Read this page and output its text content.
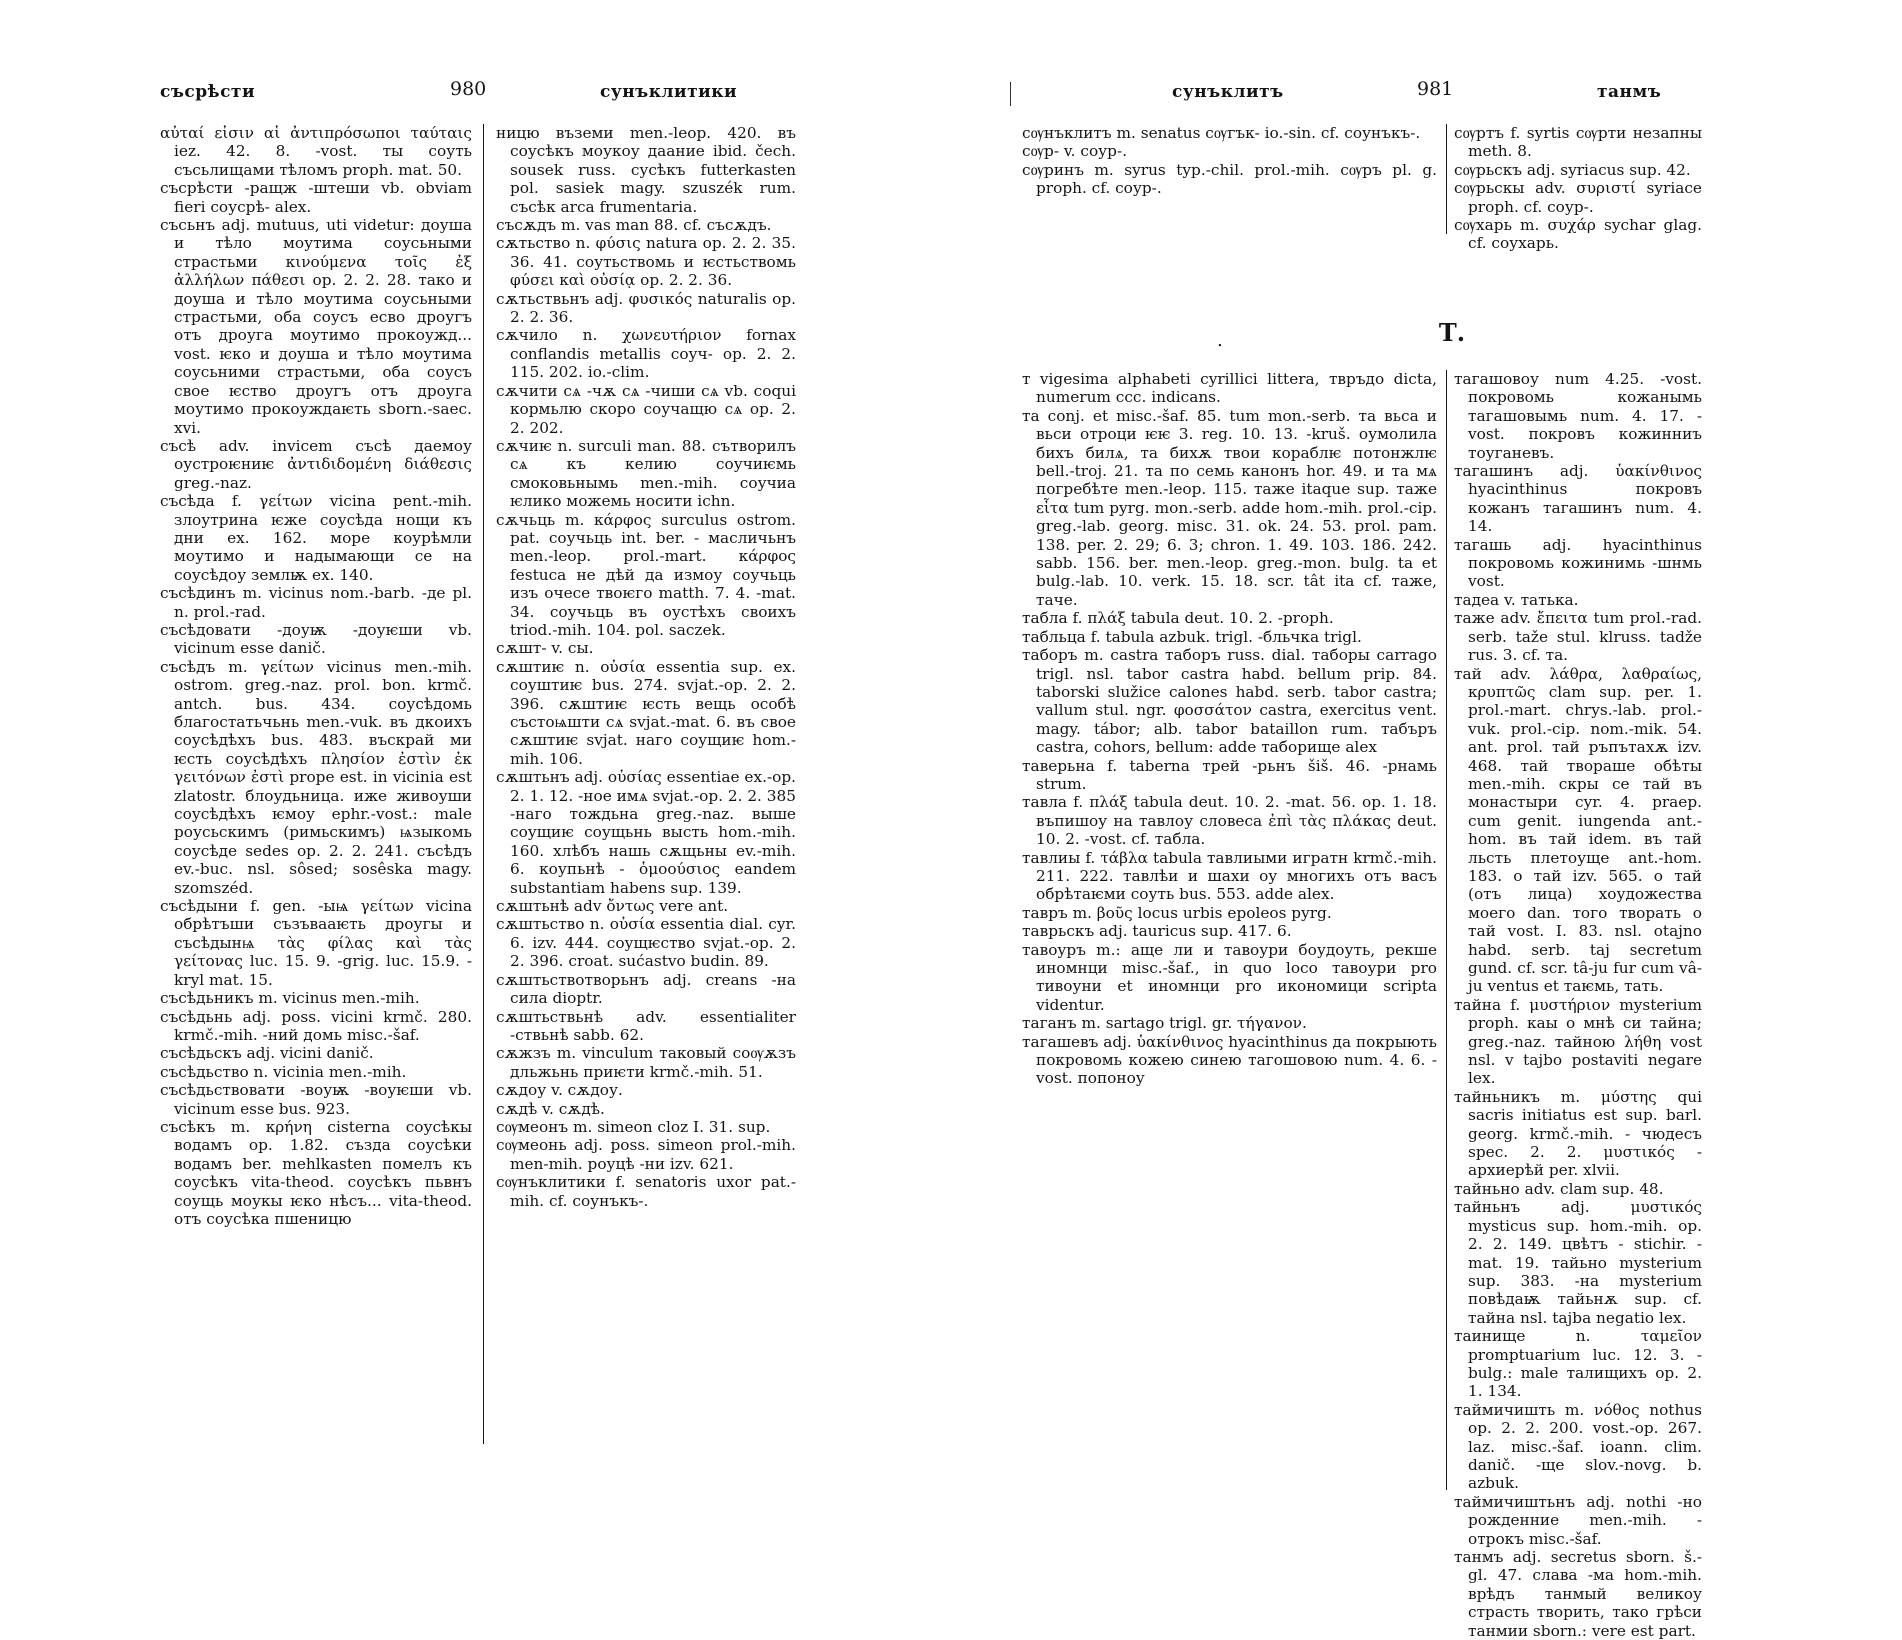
съсрѣсти	980	сунъклитики
αὐταί εἰσιν αἱ ἀντιπρόσωποι ταύταις iez. 42. 8. -vost. ты соуть съсьлищами тѣломъ proph. mat. 50.
съсрѣсти -ращж -штеши vb. obviam fieri соусрѣ- alex.
съсьнъ adj. mutuus, uti videtur: доуша и тѣло моутима соусьными страстьми κινούμενα τοῖς ἐξ ἀλλήλων πάθεσι op. 2. 2. 28. тако и доуша и тѣло моутима соусьными страстьми, оба соусъ есво дроугъ отъ дроуга моутимо прокоужд... vost. ѥко и доуша и тѣло моутима соусьними страстьми, оба соусъ свое ѥство дроугъ отъ дроуга моутимо прокоуждаѥть sborn.-saec. xvi.
съсѣ adv. invicem съсѣ даемоу оустроѥниѥ ἀντιδιδομένη διάθεσις greg.-naz.
съсѣда f. γείτων vicina pent.-mih. злоутрина ѥже соусѣда нощи къ дни ex. 162. море коурѣмли моутимо и надымающи се на соусѣдоу землѭ ex. 140.
съсѣдинъ m. vicinus nom.-barb. -де pl. n. prol.-rad.
съсѣдовати -доуѭ -доуѥши vb. vicinum esse danič.
съсѣдъ m. γείτων vicinus men.-mih. ostrom. greg.-naz. prol. bon. krmč. antch. bus. 434. соусѣдомь благостатьчьнь men.-vuk. въ дкоихъ соусѣдѣхъ bus. 483. въскрай ми ѥсть соусѣдѣхъ πλησίον ἐστὶν ἐκ γειτόνων ἐστὶ prope est. in vicinia est zlatostr. блоудьница. иже живоуши соусѣдѣхъ ѥмоу ephr.-vost.: male роусьскимъ (римьскимъ) ѩзыкомь соусѣде sedes op. 2. 2. 241. съсѣдъ ev.-buc. nsl. sôsed; sosêska magy. szomszéd.
съсѣдыни f. gen. -ыѩ γείτων vicina обрѣтъши съзъвааѥть дроугы и съсѣдынѩ τὰς φίλας καὶ τὰς γείτονας luc. 15. 9. -grig. luc. 15.9. -kryl mat. 15.
съсѣдьникъ m. vicinus men.-mih.
съсѣдьнь adj. poss. vicini krmč. 280. krmč.-mih. -ний домь misc.-šaf.
съсѣдьскъ adj. vicini danič.
съсѣдьство n. vicinia men.-mih.
съсѣдьствовати -воуѭ -воуѥши vb. vicinum esse bus. 923.
съсѣкъ m. κρήνη cisterna соусѣкы водамъ op. 1.82. създа соусѣки водамъ ber. mehlkasten помелъ къ соусѣкъ vita-theod. соусѣкъ пьвнъ соущь моукы ѥко нѣсъ... vita-theod. отъ соусѣка пшеницю
ницю въземи men.-leop. 420. въ соусѣкъ моукоу даание ibid. čech. sousek russ. сусѣкъ futterkasten pol. sasiek magy. szuszék rum. cъcѣк arca frumentaria.
съсѫдъ m. vas man 88. cf. съсѫдъ.
сѫтьство n. φύσις natura op. 2. 2. 35. 36. 41. соутьствомь и ѥстьствомь φύσει καὶ οὐσίᾳ op. 2. 2. 36.
сѫтьствьнъ adj. φυσικός naturalis op. 2. 2. 36.
сѫчило n. χωνευτήριον fornax conflandis metallis соуч- op. 2. 2. 115. 202. io.-clim.
сѫчити сѧ -чѫ сѧ -чиши сѧ vb. coqui кормьлю скоро соучащю сѧ op. 2. 2. 202.
сѫчиѥ n. surculi man. 88. сътворилъ сѧ къ келию соучиѥмь смоковьнымь men.-mih. соучиа ѥлико можемь носити ichn.
сѫчьць m. κάρφος surculus ostrom. pat. соучьць int. ber. - масличьнъ men.-leop. prol.-mart. κάρφος festuca не дѣй да измоу соучьць изъ очесе твоѥго matth. 7. 4. -mat. 34. соучьць въ оустѣхъ своихъ triod.-mih. 104. pol. saczek.
сѫшт- v. сы.
сѫштиѥ n. οὐσία essentia sup. ex. соуштиѥ bus. 274. svjat.-op. 2. 2. 396. сѫштиѥ ѥсть вещь особѣ състоѩшти сѧ svjat.-mat. 6. въ свое сѫштиѥ svjat. наго соущиѥ hom.-mih. 106.
сѫштьнъ adj. οὐσίας essentiae ex.-op. 2. 1. 12. -ное имѧ svjat.-op. 2. 2. 385 -наго тождьна greg.-naz. выше соущиѥ соущьнь высть hom.-mih. 160. хлѣбъ нашь сѫщьны ev.-mih. 6. коупьнѣ - ὁμοούσιος eandem substantiam habens sup. 139.
сѫштьнѣ adv ὄντως vere ant.
сѫштьство n. οὐσία essentia dial. cyr. 6. izv. 444. соущѥство svjat.-op. 2. 2. 396. croat. sućastvo budin. 89.
сѫштьствотворьнъ adj. creans -на сила dioptr.
сѫштьствьнѣ adv. essentialiter -ствьнѣ sabb. 62.
сѫжзъ m. vinculum таковый соѹѫзъ дльжьнь приѥти krmč.-mih. 51.
сѫдоу v. сѫдоу.
сѫдѣ v. сѫдѣ.
сѹмеонъ m. simeon cloz I. 31. sup.
сѹмеонь adj. poss. simeon prol.-mih. men-mih. роуцѣ -ни izv. 621.
сѹнъклитики f. senatoris uxor pat.-mih. cf. соунъкъ-.
сунъклитъ	981	танмъ
сѹнъклитъ m. senatus сѹгък- io.-sin. cf. соунъкъ-.
сѹр- v. соур-.
сѹринъ m. syrus typ.-chil. prol.-mih. сѹръ pl. g. proph. cf. соур-.
сѹртъ f. syrtis сѹрти незапны meth. 8.
сѹрьскъ adj. syriacus sup. 42.
сѹрьскы adv. συριστί syriace proph. cf. соур-.
сѹхарь m. συχάρ sychar glag. cf. соухарь.
Т.
.
т vigesima alphabeti cyrillici littera, твръдо dicta, numerum ccc. indicans.
та conj. et misc.-šaf. 85. tum mon.-serb. та вьса и вьси отроци ѥѥ 3. reg. 10. 13. -kruš. оумолила бихъ билѧ, та бихѫ твои кораблѥ потонжлѥ bell.-troj. 21. та по семь канонъ hor. 49. и та мѧ погребѣте men.-leop. 115. таже itaque sup. таже εἶτα tum pyrg. mon.-serb. adde hom.-mih. prol.-cip. greg.-lab. georg. misc. 31. ok. 24. 53. prol. pam. 138. per. 2. 29; 6. 3; chron. 1. 49. 103. 186. 242. sabb. 156. ber. men.-leop. greg.-mon. bulg. ta et bulg.-lab. 10. verk. 15. 18. scr. tât ita cf. таже, таче.
табла f. πλάξ tabula deut. 10. 2. -proph.
табльца f. tabula azbuk. trigl. -бльчка trigl.
таборъ m. castra таборъ russ. dial. таборы carrago trigl. nsl. tabor castra habd. bellum prip. 84. taborski služice calones habd. serb. tabor castra; vallum stul. ngr. φοσσάτον castra, exercitus vent. magy. tábor; alb. tabor bataillon rum. табъръ castra, cohors, bellum: adde таборище alex
таверьна f. taberna трей -рьнъ šiš. 46. -рнамь strum.
тавла f. πλάξ tabula deut. 10. 2. -mat. 56. op. 1. 18. въпишоу на тавлоу словеса ἐπὶ τὰς πλάκας deut. 10. 2. -vost. cf. табла.
тавлиы f. τάβλα tabula тавлиыми игратн krmč.-mih. 211. 222. тавлѣи и шахи оу многихъ отъ васъ обрѣтаѥми соуть bus. 553. adde alex.
тавръ m. βοῦς locus urbis epoleos pyrg.
таврьскъ adj. tauricus sup. 417. 6.
тавоуръ m.: аще ли и тавоури боудоуть, рекше иномнци misc.-šaf., in quo loco тавоури pro тивоуни et иномнци pro икономици scripta videntur.
таганъ m. sartago trigl. gr. τήγανον.
тагашевъ adj. ὑακίνθινος hyacinthinus да покрыють покровомь кожею синею тагошовою num. 4. 6. -vost. попоноу
тагашовоу num 4.25. -vost. покровомь кожанымь тагашовымь num. 4. 17. -vost. покровъ кожинниъ тоуганевъ.
тагашинъ adj. ὑακίνθινος hyacinthinus покровъ кожанъ тагашинъ num. 4. 14.
тагашь adj. hyacinthinus покровомь кожинимь -шнмь vost.
тадеа v. татька.
таже adv. ἔπειτα tum prol.-rad. serb. taže stul. klruss. tadže rus. 3. cf. та.
тай adv. λάθρα, λαθραίως, κρυπτῶς clam sup. per. 1. prol.-mart. chrys.-lab. prol.-vuk. prol.-cip. nom.-mik. 54. ant. prol. тай ръпътахѫ izv. 468. тай твораше обѣты men.-mih. скры се тай въ монастыри cyr. 4. praep. cum genit. iungenda ant.-hom. въ тай idem. въ тай льсть плетоуще ant.-hom. 183. о тай izv. 565. о тай (отъ лица) хоудожества моего dan. того творать о тай vost. I. 83. nsl. otajno habd. serb. taj secretum gund. cf. scr. tâ-ju fur cum vâ-ju ventus et таѥмь, тать.
тайна f. μυστήριον mysterium proph. каы о мнѣ си тайна; greg.-naz. тайною λήθη vost nsl. v tajbo postaviti negare lex.
тайньникъ m. μύστης qui sacris initiatus est sup. barl. georg. krmč.-mih. - чюдесъ spec. 2. 2. μυστικός - архиерѣй per. xlvii.
тайньно adv. clam sup. 48.
тайньнъ adj. μυστικός mysticus sup. hom.-mih. op. 2. 2. 149. цвѣтъ - stichir. -mat. 19. тайьно mysterium sup. 383. -на mysterium повѣдаѭ тайьнѫ sup. cf. тайна nsl. tajba negatio lex.
таинище n. ταμεῖον promptuarium luc. 12. 3. -bulg.: male талищихъ op. 2. 1. 134.
таймичишть m. νόθος nothus op. 2. 2. 200. vost.-op. 267. laz. misc.-šaf. ioann. clim. danič. -ще slov.-novg. b. azbuk.
таймичиштьнъ adj. nothi -но рожденние men.-mih. - отрокъ misc.-šaf.
танмъ adj. secretus sborn. š.-gl. 47. слава -ма hom.-mih. врѣдъ танмый великоу страсть творить, тако грѣси танмии sborn.: vere est part.
